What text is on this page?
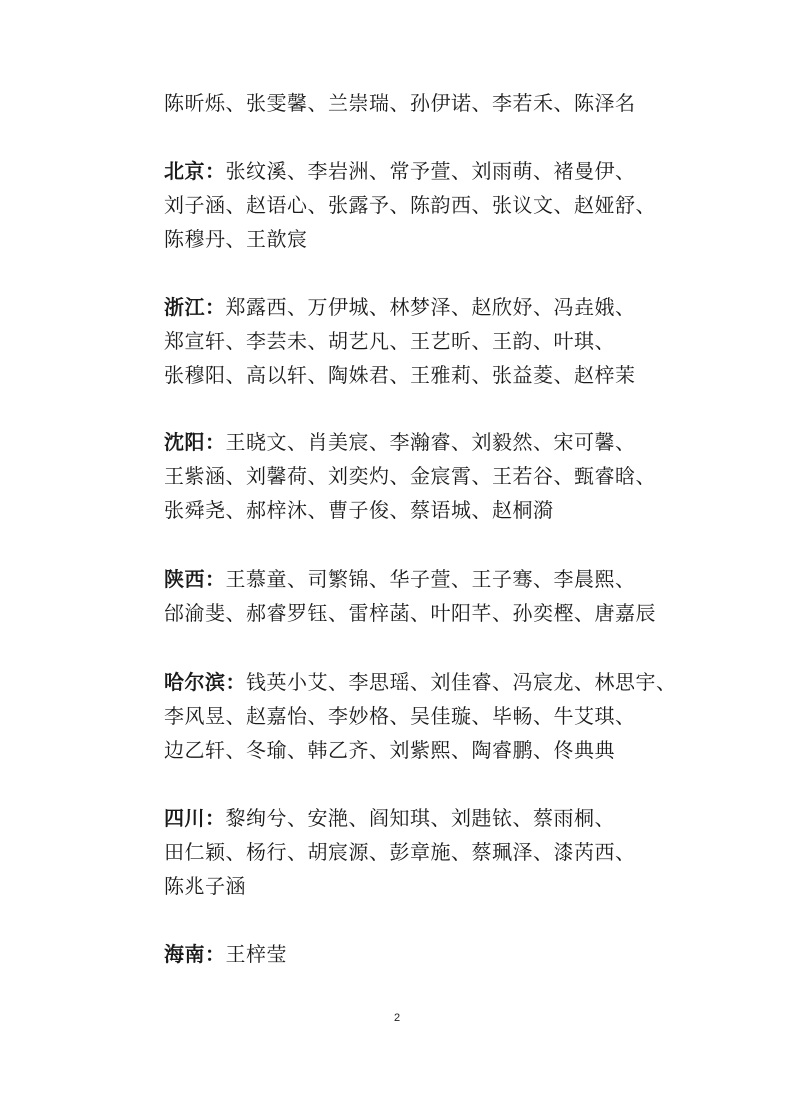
陈昕烁、张雯馨、兰崇瑞、孙伊诺、李若禾、陈泽名
北京：张纹溪、李岩洲、常予萱、刘雨萌、褚曼伊、
刘子涵、赵语心、张露予、陈韵西、张议文、赵娅舒、
陈穆丹、王歆宸
浙江：郑露西、万伊城、林梦泽、赵欣妤、冯垚娥、
郑宣轩、李芸未、胡艺凡、王艺昕、王韵、叶琪、
张穆阳、高以轩、陶姝君、王雅莉、张益菱、赵梓茉
沈阳：王晓文、肖美宸、李瀚睿、刘毅然、宋可馨、
王紫涵、刘馨荷、刘奕灼、金宸霄、王若谷、甄睿晗、
张舜尧、郝梓沐、曹子俊、蔡语城、赵桐漪
陕西：王慕童、司繁锦、华子萱、王子骞、李晨熙、
邰渝斐、郝睿罗钰、雷梓菡、叶阳芊、孙奕樫、唐嘉辰
哈尔滨：钱英小艾、李思瑶、刘佳睿、冯宸龙、林思宇、
李风昱、赵嘉怡、李妙格、吴佳璇、毕畅、牛艾琪、
边乙轩、冬瑜、韩乙齐、刘紫熙、陶睿鹏、佟典典
四川：黎绚兮、安滟、阎知琪、刘韪铱、蔡雨桐、
田仁颖、杨行、胡宸源、彭章施、蔡珮泽、漆芮西、
陈兆子涵
海南：王梓莹
2
